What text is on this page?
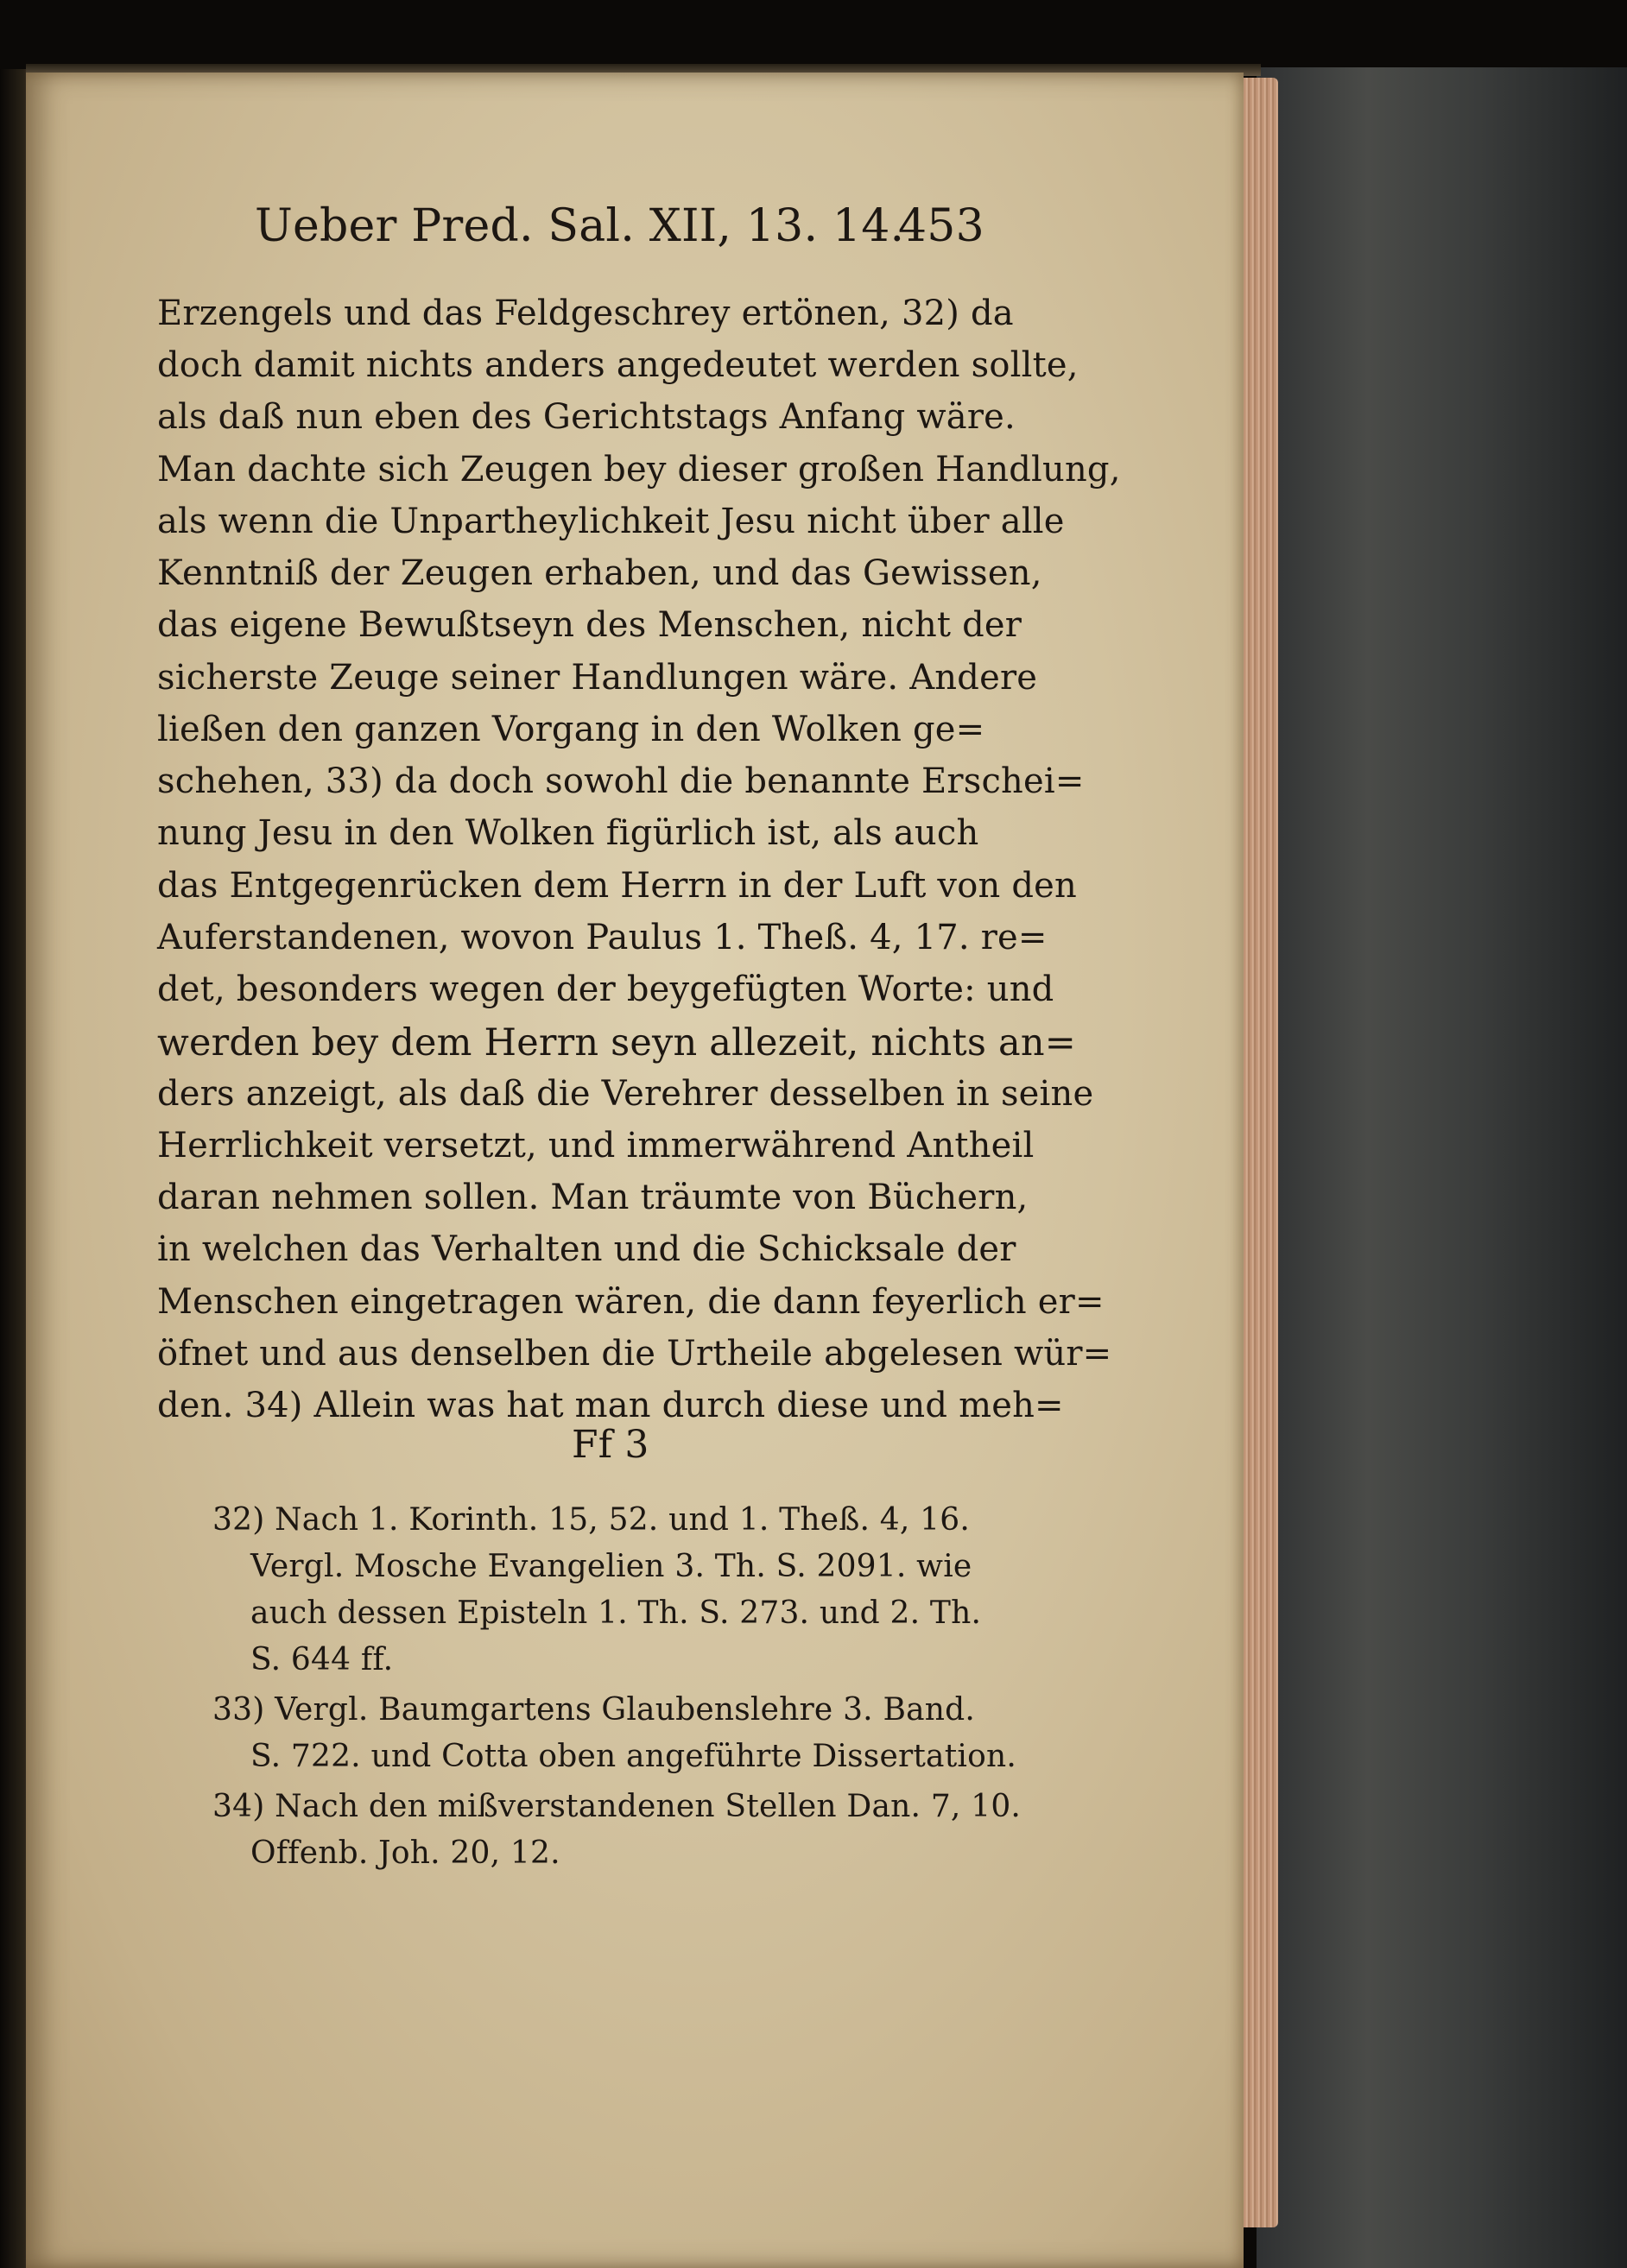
Ueber Pred. Sal. XII, 13. 14.

453

Erzengels und das Feldgeschrey ertönen, 32) da

doch damit nichts anders angedeutet werden sollte,

als daß nun eben des Gerichtstags Anfang wäre.

Man dachte sich Zeugen bey dieser großen Handlung,

als wenn die Unpartheylichkeit Jesu nicht über alle

Kenntniß der Zeugen erhaben, und das Gewissen,

das eigene Bewußtseyn des Menschen, nicht der

sicherste Zeuge seiner Handlungen wäre. Andere

ließen den ganzen Vorgang in den Wolken ge=

schehen, 33) da doch sowohl die benannte Erschei=

nung Jesu in den Wolken figürlich ist, als auch

das Entgegenrücken dem Herrn in der Luft von den

Auferstandenen, wovon Paulus 1. Theß. 4, 17. re=

det, besonders wegen der beygefügten Worte: und

werden bey dem Herrn seyn allezeit, nichts an=

ders anzeigt, als daß die Verehrer desselben in seine

Herrlichkeit versetzt, und immerwährend Antheil

daran nehmen sollen. Man träumte von Büchern,

in welchen das Verhalten und die Schicksale der

Menschen eingetragen wären, die dann feyerlich er=

öfnet und aus denselben die Urtheile abgelesen wür=

den. 34) Allein was hat man durch diese und meh=

Ff 3

32) Nach 1. Korinth. 15, 52. und 1. Theß. 4, 16.

Vergl. Mosche Evangelien 3. Th. S. 2091. wie

auch dessen Episteln 1. Th. S. 273. und 2. Th.

S. 644 ff.

33) Vergl. Baumgartens Glaubenslehre 3. Band.

S. 722. und Cotta oben angeführte Dissertation.

34) Nach den mißverstandenen Stellen Dan. 7, 10.

Offenb. Joh. 20, 12.
